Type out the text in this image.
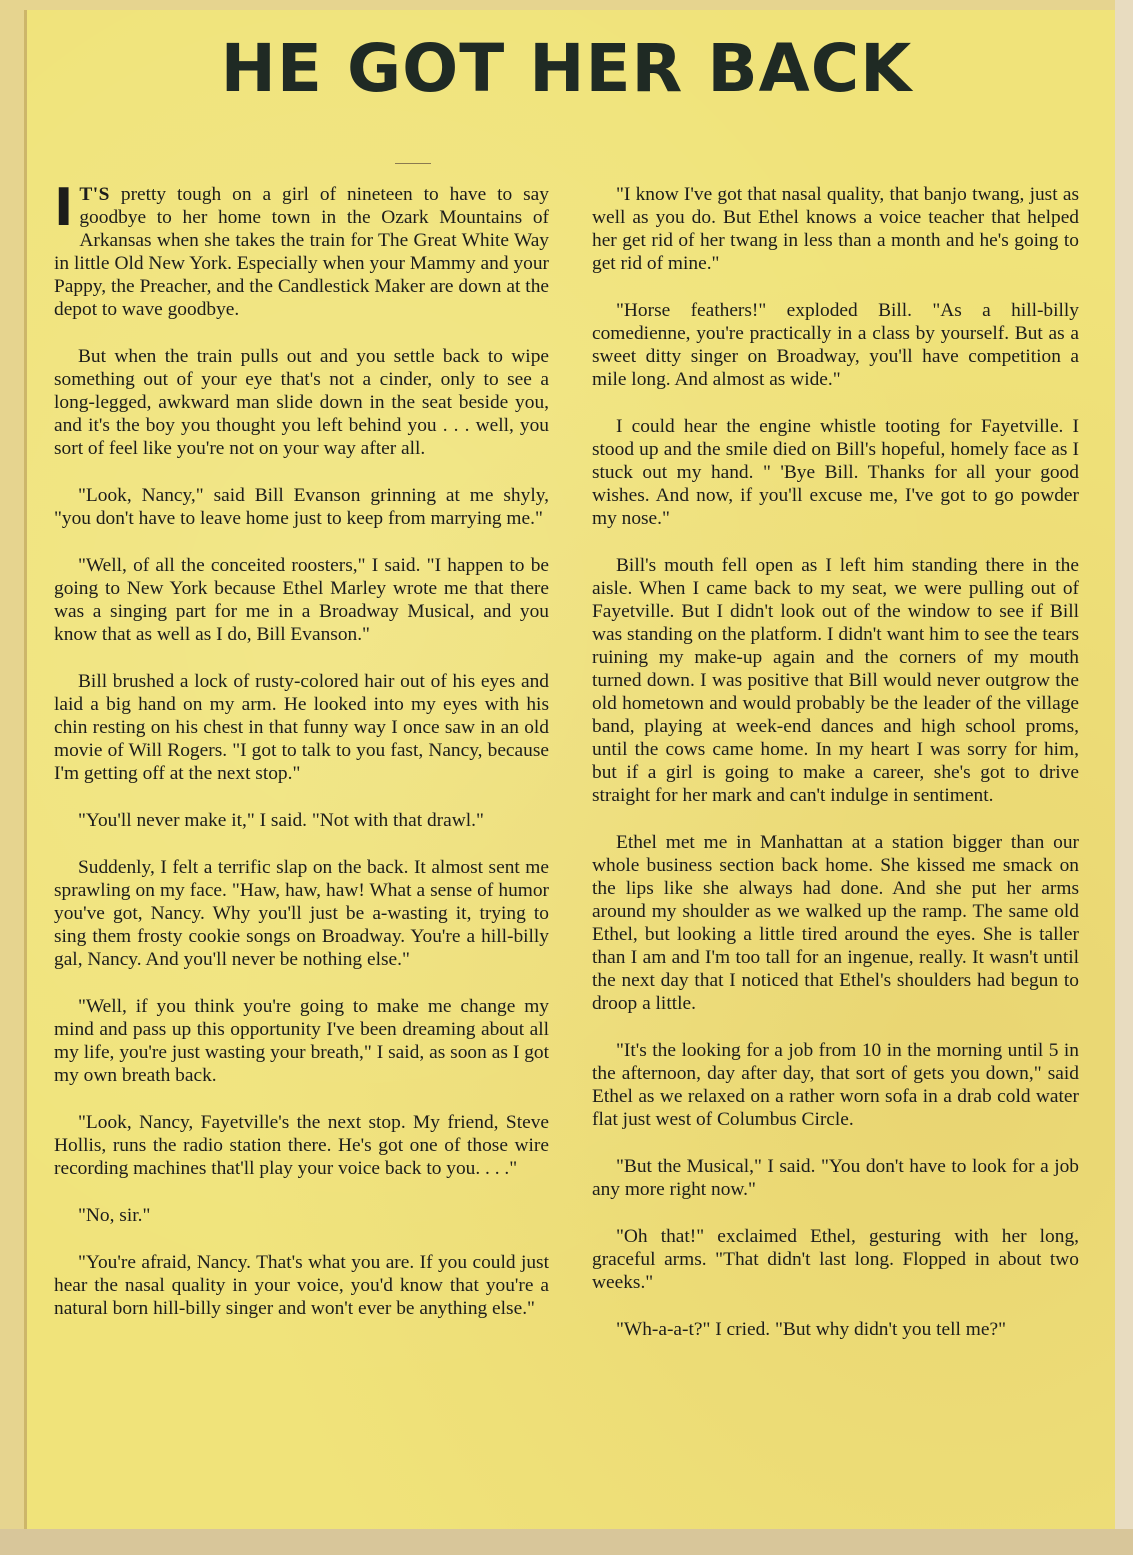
HE GOT HER BACK

I T'S pretty tough on a girl of nineteen to have to say goodbye to her home town in the Ozark Mountains of Arkansas when she takes the train for The Great White Way in little Old New York. Especially when your Mammy and your Pappy, the Preacher, and the Candlestick Maker are down at the depot to wave goodbye.

But when the train pulls out and you settle back to wipe something out of your eye that's not a cinder, only to see a long-legged, awkward man slide down in the seat beside you, and it's the boy you thought you left behind you . . . well, you sort of feel like you're not on your way after all.

"Look, Nancy," said Bill Evanson grinning at me shyly, "you don't have to leave home just to keep from marrying me."

"Well, of all the conceited roosters," I said. "I happen to be going to New York because Ethel Marley wrote me that there was a singing part for me in a Broadway Musical, and you know that as well as I do, Bill Evanson."

Bill brushed a lock of rusty-colored hair out of his eyes and laid a big hand on my arm. He looked into my eyes with his chin resting on his chest in that funny way I once saw in an old movie of Will Rogers. "I got to talk to you fast, Nancy, because I'm getting off at the next stop."

"You'll never make it," I said. "Not with that drawl."

Suddenly, I felt a terrific slap on the back. It almost sent me sprawling on my face. "Haw, haw, haw! What a sense of humor you've got, Nancy. Why you'll just be a-wasting it, trying to sing them frosty cookie songs on Broadway. You're a hill-billy gal, Nancy. And you'll never be nothing else."

"Well, if you think you're going to make me change my mind and pass up this opportunity I've been dreaming about all my life, you're just wasting your breath," I said, as soon as I got my own breath back.

"Look, Nancy, Fayetville's the next stop. My friend, Steve Hollis, runs the radio station there. He's got one of those wire recording machines that'll play your voice back to you. . . ."

"No, sir."

"You're afraid, Nancy. That's what you are. If you could just hear the nasal quality in your voice, you'd know that you're a natural born hill-billy singer and won't ever be anything else."

"I know I've got that nasal quality, that banjo twang, just as well as you do. But Ethel knows a voice teacher that helped her get rid of her twang in less than a month and he's going to get rid of mine."

"Horse feathers!" exploded Bill. "As a hill-billy comedienne, you're practically in a class by yourself. But as a sweet ditty singer on Broadway, you'll have competition a mile long. And almost as wide."

I could hear the engine whistle tooting for Fayetville. I stood up and the smile died on Bill's hopeful, homely face as I stuck out my hand. " 'Bye Bill. Thanks for all your good wishes. And now, if you'll excuse me, I've got to go powder my nose."

Bill's mouth fell open as I left him standing there in the aisle. When I came back to my seat, we were pulling out of Fayetville. But I didn't look out of the window to see if Bill was standing on the platform. I didn't want him to see the tears ruining my make-up again and the corners of my mouth turned down. I was positive that Bill would never outgrow the old hometown and would probably be the leader of the village band, playing at week-end dances and high school proms, until the cows came home. In my heart I was sorry for him, but if a girl is going to make a career, she's got to drive straight for her mark and can't indulge in sentiment.

Ethel met me in Manhattan at a station bigger than our whole business section back home. She kissed me smack on the lips like she always had done. And she put her arms around my shoulder as we walked up the ramp. The same old Ethel, but looking a little tired around the eyes. She is taller than I am and I'm too tall for an ingenue, really. It wasn't until the next day that I noticed that Ethel's shoulders had begun to droop a little.

"It's the looking for a job from 10 in the morning until 5 in the afternoon, day after day, that sort of gets you down," said Ethel as we relaxed on a rather worn sofa in a drab cold water flat just west of Columbus Circle.

"But the Musical," I said. "You don't have to look for a job any more right now."

"Oh that!" exclaimed Ethel, gesturing with her long, graceful arms. "That didn't last long. Flopped in about two weeks."

"Wh-a-a-t?" I cried. "But why didn't you tell me?"
